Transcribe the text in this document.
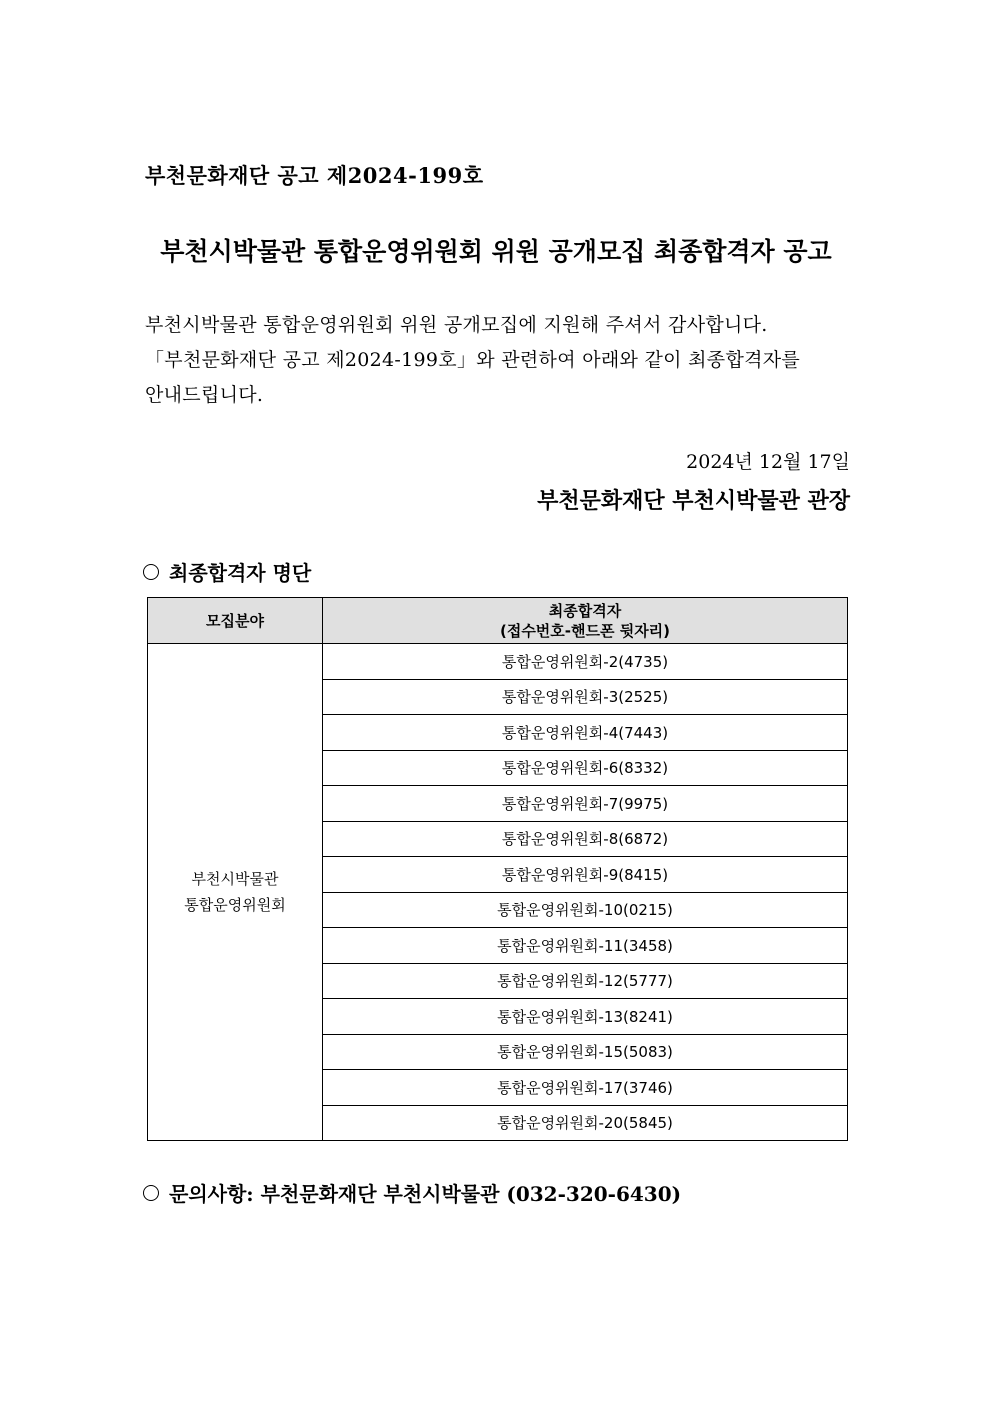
부천문화재단 공고 제2024-199호
부천시박물관 통합운영위원회 위원 공개모집 최종합격자 공고
부천시박물관 통합운영위원회 위원 공개모집에 지원해 주셔서 감사합니다.
「부천문화재단 공고 제2024-199호」와 관련하여 아래와 같이 최종합격자를
안내드립니다.
2024년 12월 17일
부천문화재단 부천시박물관 관장
최종합격자 명단
모집분야	최종합격자
(접수번호-핸드폰 뒷자리)

부천시박물관
통합운영위원회	통합운영위원회-2(4735)
	통합운영위원회-3(2525)
	통합운영위원회-4(7443)
	통합운영위원회-6(8332)
	통합운영위원회-7(9975)
	통합운영위원회-8(6872)
	통합운영위원회-9(8415)
	통합운영위원회-10(0215)
	통합운영위원회-11(3458)
	통합운영위원회-12(5777)
	통합운영위원회-13(8241)
	통합운영위원회-15(5083)
	통합운영위원회-17(3746)
	통합운영위원회-20(5845)
문의사항: 부천문화재단 부천시박물관 (032-320-6430)
